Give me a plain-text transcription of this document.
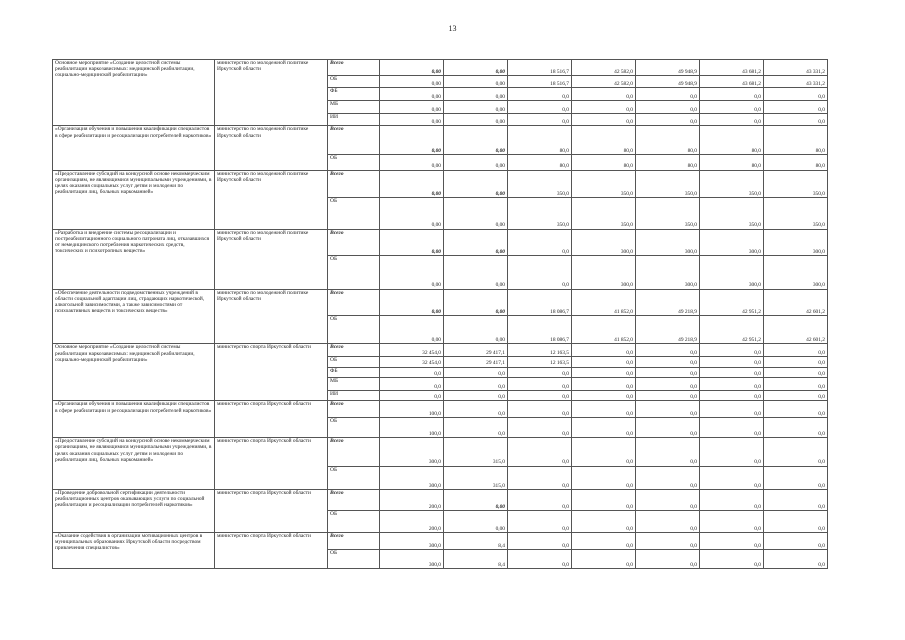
13
Основное мероприятие «Создание целостной системы реабилитации наркозависимых: медицинской реабилитации, социально-медицинской реабилитации»	министерство по молодежной политике Иркутской области	Всего	0,00	0,00	18 516,7	42 582,0	49 948,9	43 681,2	43 331,2
		ОБ	0,00	0,00	18 516,7	42 582,0	49 948,9	43 681,2	43 331,2
		ФБ	0,00	0,00	0,0	0,0	0,0	0,0	0,0
		МБ	0,00	0,00	0,0	0,0	0,0	0,0	0,0
		ИИ	0,00	0,00	0,0	0,0	0,0	0,0	0,0
«Организация обучения и повышения квалификации специалистов в сфере реабилитации и ресоциализации потребителей наркотиков»	министерство по молодежной политике Иркутской области	Всего	0,00	0,00	80,0	80,0	80,0	80,0	80,0
		ОБ	0,00	0,00	80,0	80,0	80,0	80,0	80,0
«Предоставление субсидий на конкурсной основе некоммерческим организациям, не являющимися муниципальными учреждениями, в целях оказания социальных услуг детям и молодежи по реабилитации лиц, больных наркоманией»	министерство по молодежной политике Иркутской области	Всего	0,00	0,00	350,0	350,0	350,0	350,0	350,0
		ОБ	0,00	0,00	350,0	350,0	350,0	350,0	350,0
«Разработка и внедрение системы ресоциализации и постреабилитационного социального патроната лиц, отказавшихся от немедицинского потребления наркотических средств, токсических и психотропных веществ»	министерство по молодежной политике Иркутской области	Всего	0,00	0,00	0,0	300,0	300,0	300,0	300,0
		ОБ	0,00	0,00	0,0	300,0	300,0	300,0	300,0
«Обеспечение деятельности подведомственных учреждений в области социальной адаптации лиц, страдающих наркотической, алкогольной зависимостями, а также зависимостями от психоактивных веществ и токсических веществ»	министерство по молодежной политике Иркутской области	Всего	0,00	0,00	18 086,7	41 852,0	49 218,9	42 951,2	42 601,2
		ОБ	0,00	0,00	18 086,7	41 852,0	49 218,9	42 951,2	42 601,2
Основное мероприятие «Создание целостной системы реабилитации наркозависимых: медицинской реабилитации, социально-медицинской реабилитации»	министерство спорта Иркутской области	Всего	32 454,0	29 417,1	12 163,5	0,0	0,0	0,0	0,0
		ОБ	32 454,0	29 417,1	12 163,5	0,0	0,0	0,0	0,0
		ФБ	0,0	0,0	0,0	0,0	0,0	0,0	0,0
		МБ	0,0	0,0	0,0	0,0	0,0	0,0	0,0
		ИИ	0,0	0,0	0,0	0,0	0,0	0,0	0,0
«Организация обучения и повышения квалификации специалистов в сфере реабилитации и ресоциализации потребителей наркотиков»	министерство спорта Иркутской области	Всего	100,0	0,0	0,0	0,0	0,0	0,0	0,0
		ОБ	100,0	0,0	0,0	0,0	0,0	0,0	0,0
«Предоставление субсидий на конкурсной основе некоммерческим организациям, не являющимися муниципальными учреждениями, в целях оказания социальных услуг детям и молодежи по реабилитации лиц, больных наркоманией»	министерство спорта Иркутской области	Всего	300,0	315,0	0,0	0,0	0,0	0,0	0,0
		ОБ	300,0	315,0	0,0	0,0	0,0	0,0	0,0
«Проведение добровольной сертификации деятельности реабилитационных центров оказывающих услуги по социальной реабилитации и ресоциализации потребителей наркотиков»	министерство спорта Иркутской области	Всего	200,0	0,00	0,0	0,0	0,0	0,0	0,0
		ОБ	200,0	0,00	0,0	0,0	0,0	0,0	0,0
«Оказание содействия в организации мотивационных центров в муниципальных образованиях Иркутской области посредством привлечения специалистов»	министерство спорта Иркутской области	Всего	300,0	8,4	0,0	0,0	0,0	0,0	0,0
		ОБ	300,0	8,4	0,0	0,0	0,0	0,0	0,0
